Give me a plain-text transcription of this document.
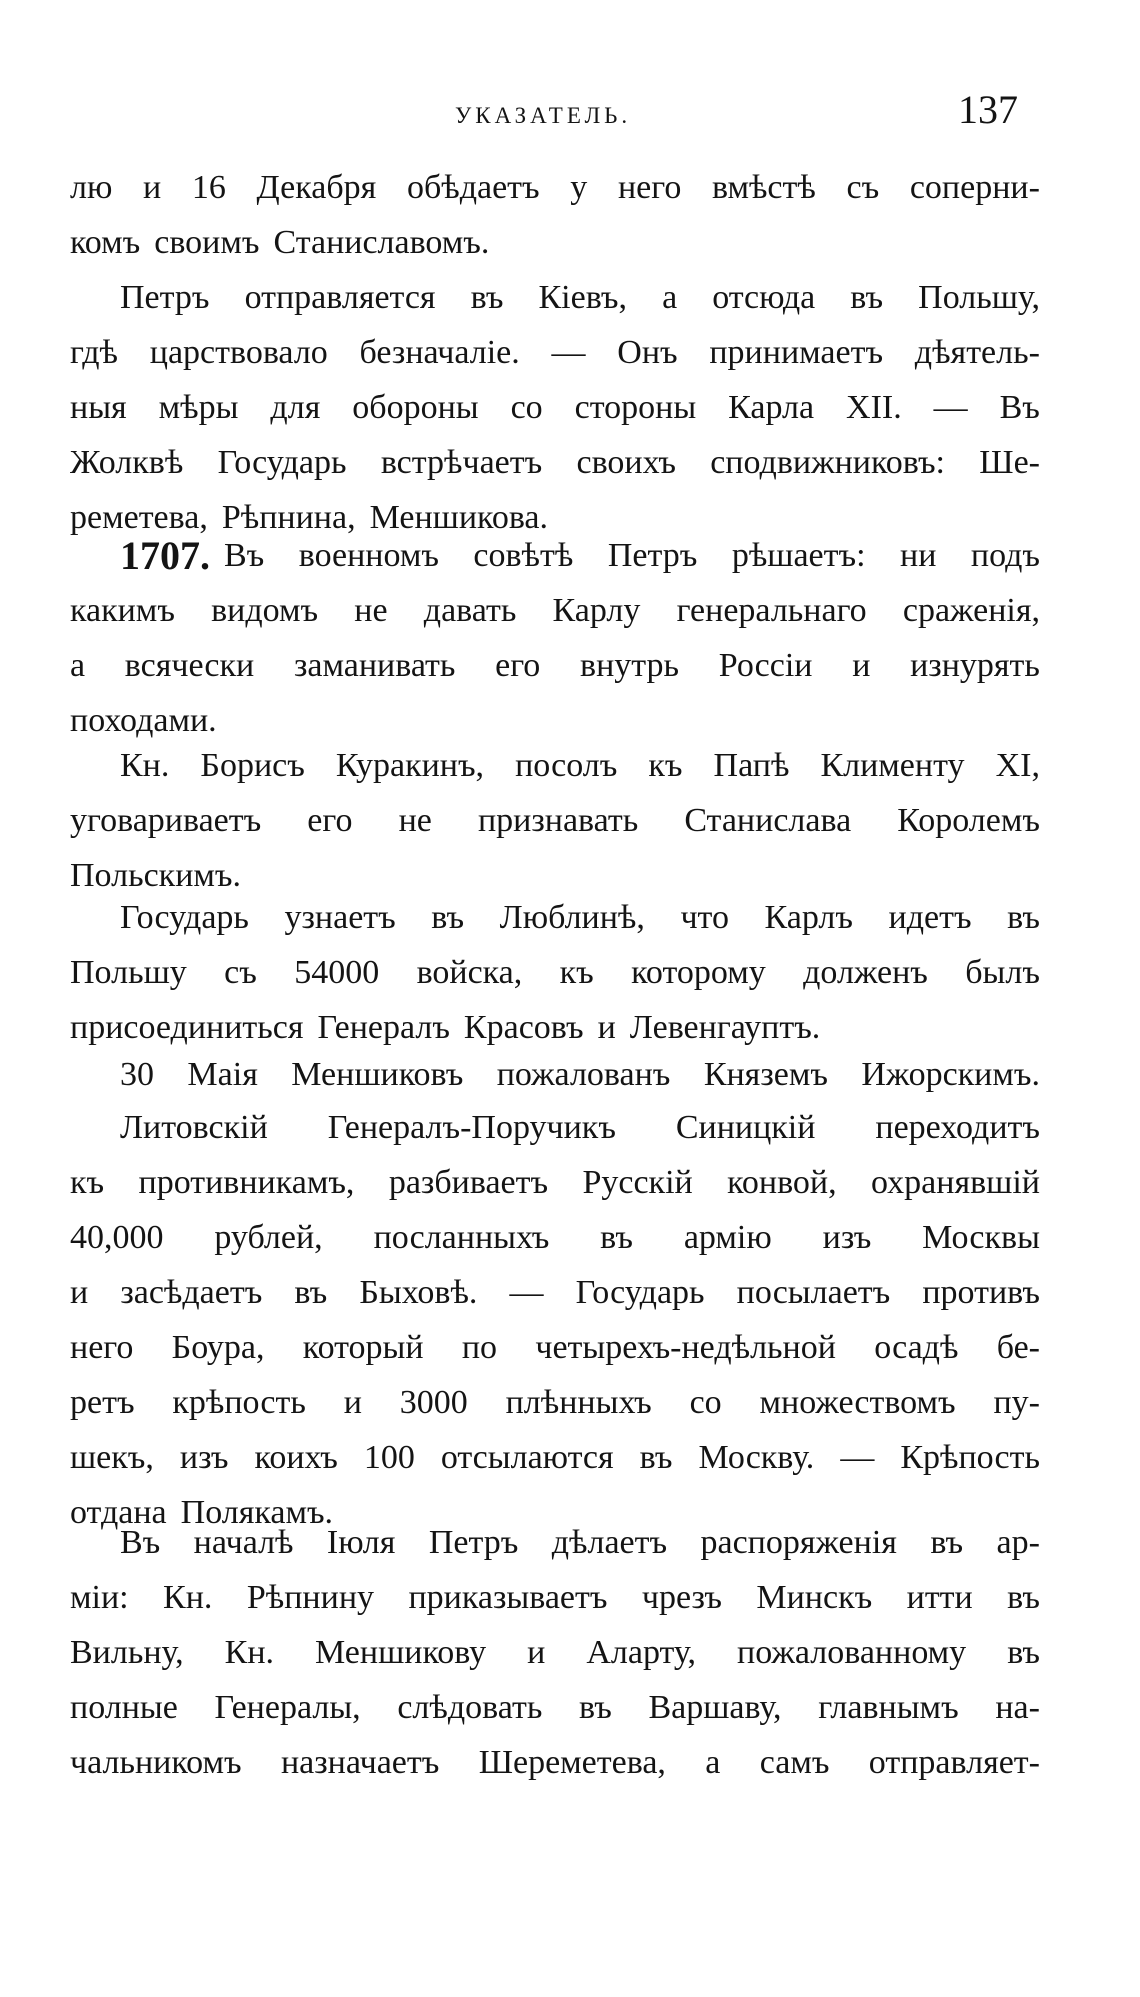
УКАЗАТЕЛЬ.	137
лю и 16 Декабря обѣдаетъ у него вмѣстѣ съ соперни-
комъ своимъ Станиславомъ.
Петръ отправляется въ Кіевъ, а отсюда въ Польшу,
гдѣ царствовало безначаліе. — Онъ принимаетъ дѣятель-
ныя мѣры для обороны со стороны Карла XII. — Въ
Жолквѣ Государь встрѣчаетъ своихъ сподвижниковъ: Ше-
реметева, Рѣпнина, Меншикова.
1707. Въ военномъ совѣтѣ Петръ рѣшаетъ: ни подъ
какимъ видомъ не давать Карлу генеральнаго сраженія,
а всячески заманивать его внутрь Россіи и изнурять
походами.
Кн. Борисъ Куракинъ, посолъ къ Папѣ Клименту XI,
уговариваетъ его не признавать Станислава Королемъ
Польскимъ.
Государь узнаетъ въ Люблинѣ, что Карлъ идетъ въ
Польшу съ 54000 войска, къ которому долженъ былъ
присоединиться Генералъ Красовъ и Левенгауптъ.
30 Маія Меншиковъ пожалованъ Княземъ Ижорскимъ.
Литовскій Генералъ-Поручикъ Синицкій переходитъ
къ противникамъ, разбиваетъ Русскій конвой, охранявшій
40,000 рублей, посланныхъ въ армію изъ Москвы
и засѣдаетъ въ Быховѣ. — Государь посылаетъ противъ
него Боура, который по четырехъ-недѣльной осадѣ бе-
ретъ крѣпость и 3000 плѣнныхъ со множествомъ пу-
шекъ, изъ коихъ 100 отсылаются въ Москву. — Крѣпость
отдана Полякамъ.
Въ началѣ Іюля Петръ дѣлаетъ распоряженія въ ар-
міи: Кн. Рѣпнину приказываетъ чрезъ Минскъ итти въ
Вильну, Кн. Меншикову и Аларту, пожалованному въ
полные Генералы, слѣдовать въ Варшаву, главнымъ на-
чальникомъ назначаетъ Шереметева, а самъ отправляет-
